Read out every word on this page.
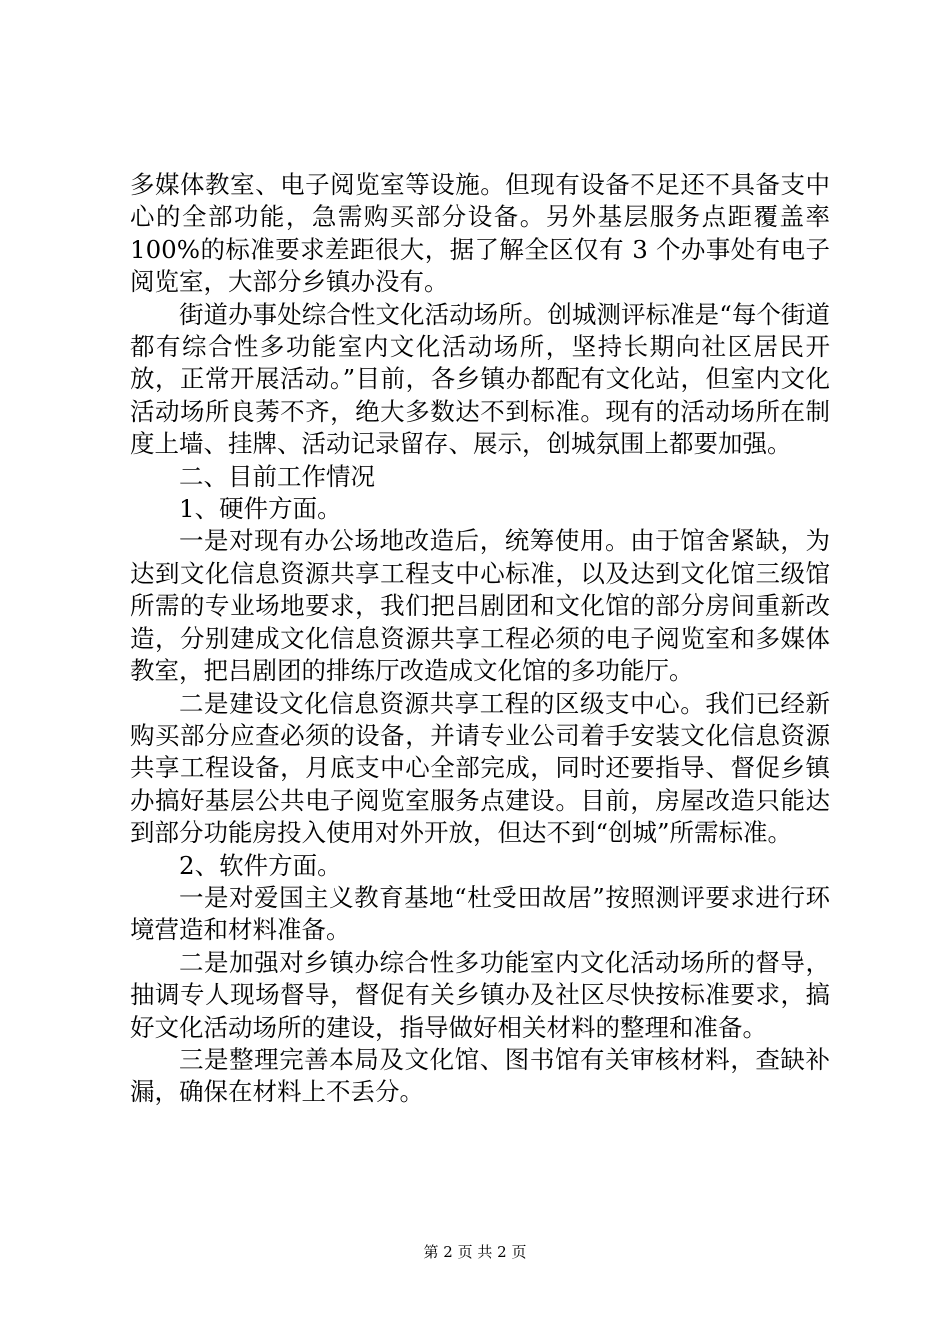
多媒体教室、电子阅览室等设施。但现有设备不足还不具备支中心的全部功能，急需购买部分设备。另外基层服务点距覆盖率 100%的标准要求差距很大，据了解全区仅有 3 个办事处有电子阅览室，大部分乡镇办没有。

街道办事处综合性文化活动场所。创城测评标准是“每个街道都有综合性多功能室内文化活动场所，坚持长期向社区居民开放，正常开展活动。”目前，各乡镇办都配有文化站，但室内文化活动场所良莠不齐，绝大多数达不到标准。现有的活动场所在制度上墙、挂牌、活动记录留存、展示，创城氛围上都要加强。

二、目前工作情况

1、硬件方面。

一是对现有办公场地改造后，统筹使用。由于馆舍紧缺，为达到文化信息资源共享工程支中心标准，以及达到文化馆三级馆所需的专业场地要求，我们把吕剧团和文化馆的部分房间重新改造，分别建成文化信息资源共享工程必须的电子阅览室和多媒体教室，把吕剧团的排练厅改造成文化馆的多功能厅。

二是建设文化信息资源共享工程的区级支中心。我们已经新购买部分应查必须的设备，并请专业公司着手安装文化信息资源共享工程设备，月底支中心全部完成，同时还要指导、督促乡镇办搞好基层公共电子阅览室服务点建设。目前，房屋改造只能达到部分功能房投入使用对外开放，但达不到“创城”所需标准。

2、软件方面。

一是对爱国主义教育基地“杜受田故居”按照测评要求进行环境营造和材料准备。

二是加强对乡镇办综合性多功能室内文化活动场所的督导，抽调专人现场督导，督促有关乡镇办及社区尽快按标准要求，搞好文化活动场所的建设，指导做好相关材料的整理和准备。

三是整理完善本局及文化馆、图书馆有关审核材料，查缺补漏，确保在材料上不丢分。

第 2 页 共 2 页
